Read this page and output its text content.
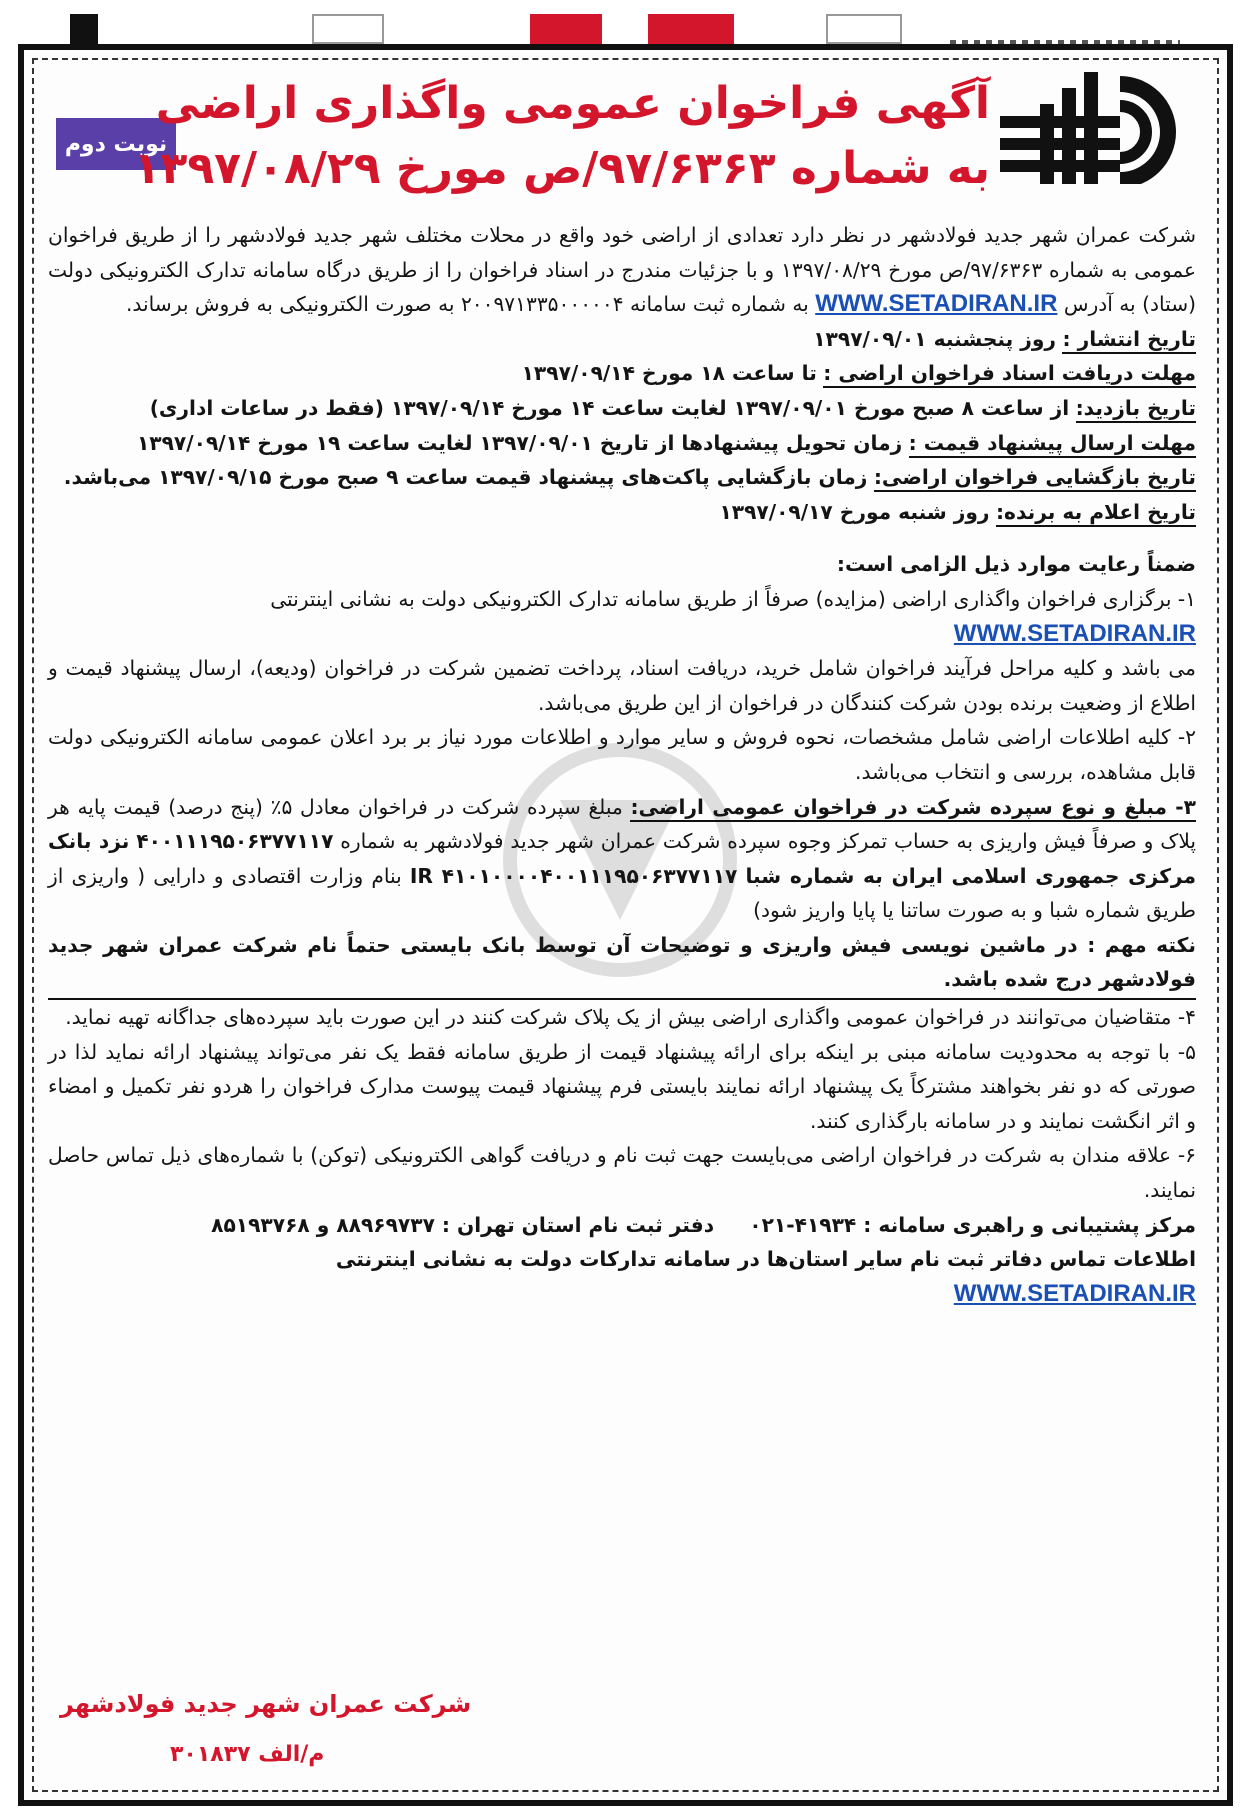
نوبت دوم
آگهی فراخوان عمومی واگذاری اراضی
به شماره ۹۷/۶۳۶۳/ص مورخ ۱۳۹۷/۰۸/۲۹

شرکت عمران شهر جدید فولادشهر در نظر دارد تعدادی از اراضی خود واقع در محلات مختلف شهر جدید فولادشهر را از طریق فراخوان عمومی به شماره ۹۷/۶۳۶۳/ص مورخ ۱۳۹۷/۰۸/۲۹ و با جزئیات مندرج در اسناد فراخوان را از طریق درگاه سامانه تدارک الکترونیکی دولت (ستاد) به آدرس WWW.SETADIRAN.IR به شماره ثبت سامانه ۲۰۰۹۷۱۳۳۵۰۰۰۰۰۴ به صورت الکترونیکی به فروش برساند.

تاریخ انتشار : روز پنجشنبه ۱۳۹۷/۰۹/۰۱

مهلت دریافت اسناد فراخوان اراضی : تا ساعت ۱۸ مورخ ۱۳۹۷/۰۹/۱۴

تاریخ بازدید: از ساعت ۸ صبح مورخ ۱۳۹۷/۰۹/۰۱ لغایت ساعت ۱۴ مورخ ۱۳۹۷/۰۹/۱۴ (فقط در ساعات اداری)

مهلت ارسال پیشنهاد قیمت : زمان تحویل پیشنهادها از تاریخ ۱۳۹۷/۰۹/۰۱ لغایت ساعت ۱۹ مورخ ۱۳۹۷/۰۹/۱۴

تاریخ بازگشایی فراخوان اراضی: زمان بازگشایی پاکت‌های پیشنهاد قیمت ساعت ۹ صبح مورخ ۱۳۹۷/۰۹/۱۵ می‌باشد.

تاریخ اعلام به برنده: روز شنبه مورخ ۱۳۹۷/۰۹/۱۷

ضمناً رعایت موارد ذیل الزامی است:

۱- برگزاری فراخوان واگذاری اراضی (مزایده) صرفاً از طریق سامانه تدارک الکترونیکی دولت به نشانی اینترنتی

WWW.SETADIRAN.IR

می باشد و کلیه مراحل فرآیند فراخوان شامل خرید، دریافت اسناد، پرداخت تضمین شرکت در فراخوان (ودیعه)، ارسال پیشنهاد قیمت و اطلاع از وضعیت برنده بودن شرکت کنندگان در فراخوان از این طریق می‌باشد.

۲- کلیه اطلاعات اراضی شامل مشخصات، نحوه فروش و سایر موارد و اطلاعات مورد نیاز بر برد اعلان عمومی سامانه الکترونیکی دولت قابل مشاهده، بررسی و انتخاب می‌باشد.

۳- مبلغ و نوع سپرده شرکت در فراخوان عمومی اراضی: مبلغ سپرده شرکت در فراخوان معادل ۵٪ (پنج درصد) قیمت پایه هر پلاک و صرفاً فیش واریزی به حساب تمرکز وجوه سپرده شرکت عمران شهر جدید فولادشهر به شماره ۴۰۰۱۱۱۹۵۰۶۳۷۷۱۱۷ نزد بانک مرکزی جمهوری اسلامی ایران به شماره شبا IR ۴۱۰۱۰۰۰۰۴۰۰۱۱۱۹۵۰۶۳۷۷۱۱۷ بنام وزارت اقتصادی و دارایی ( واریزی از طریق شماره شبا و به صورت ساتنا یا پایا واریز شود)

نکته مهم : در ماشین نویسی فیش واریزی و توضیحات آن توسط بانک بایستی حتماً نام شرکت عمران شهر جدید فولادشهر درج شده باشد.

۴- متقاضیان می‌توانند در فراخوان عمومی واگذاری اراضی بیش از یک پلاک شرکت کنند در این صورت باید سپرده‌های جداگانه تهیه نماید.

۵- با توجه به محدودیت سامانه مبنی بر اینکه برای ارائه پیشنهاد قیمت از طریق سامانه فقط یک نفر می‌تواند پیشنهاد ارائه نماید لذا در صورتی که دو نفر بخواهند مشترکاً یک پیشنهاد ارائه نمایند بایستی فرم پیشنهاد قیمت پیوست مدارک فراخوان را هردو نفر تکمیل و امضاء و اثر انگشت نمایند و در سامانه بارگذاری کنند.

۶- علاقه مندان به شرکت در فراخوان اراضی می‌بایست جهت ثبت نام و دریافت گواهی الکترونیکی (توکن) با شماره‌های ذیل تماس حاصل نمایند.

مرکز پشتیبانی و راهبری سامانه : ۴۱۹۳۴-۰۲۱     دفتر ثبت نام استان تهران : ۸۸۹۶۹۷۳۷ و ۸۵۱۹۳۷۶۸

اطلاعات تماس دفاتر ثبت نام سایر استان‌ها در سامانه تدارکات دولت به نشانی اینترنتی

WWW.SETADIRAN.IR

شرکت عمران شهر جدید فولادشهر
م/الف ۳۰۱۸۳۷
